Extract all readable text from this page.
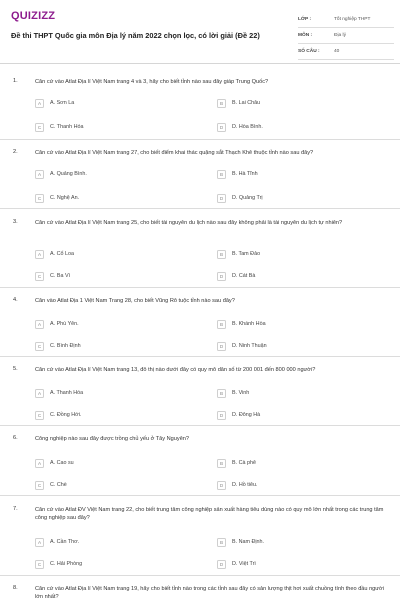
QUIZIZZ
Đề thi THPT Quốc gia môn Địa lý năm 2022 chọn lọc, có lời giải (Đề 22)
LỚP :	Tốt nghiệp THPT
MÔN :	Địa lý
SỐ CÂU :	40
1.	Căn cứ vào Atlat Địa lí Việt Nam trang 4 và 3, hãy cho biết tỉnh nào sau đây giáp Trung Quốc?
A	A. Sơn La	B	B. Lai Châu
C	C. Thanh Hóa	D	D. Hòa Bình.
2.	Căn cứ vào Atlat Địa lí Việt Nam trang 27, cho biết điểm khai thác quặng sắt Thạch Khê thuộc tỉnh nào sau đây?
A	A. Quảng Bình.	B	B. Hà Tĩnh
C	C. Nghệ An.	D	D. Quảng Trị
3.	Căn cứ vào Atlat Địa lí Việt Nam trang 25, cho biết tài nguyên du lịch nào sau đây không phải là tài nguyên du lịch tự nhiên?
A	A. Cổ Loa	B	B. Tam Đảo
C	C. Ba Vì	D	D. Cát Bà
4.	Căn vào Atlat Địa 1 Việt Nam Trang 28, cho biết Vũng Rô tuộc tỉnh nào sau đây?
A	A. Phú Yên.	B	B. Khánh Hòa
C	C. Bình Định	D	D. Ninh Thuận
5.	Căn cứ vào Atlat Địa lí Việt Nam trang 13, đô thị nào dưới đây có quy mô dân số từ 200 001 đến 800 000 người?
A	A. Thanh Hóa	B	B. Vinh
C	C. Đồng Hới.	D	D. Đông Hà
6.	Công nghiệp nào sau đây được trồng chủ yếu ở Tây Nguyên?
A	A. Cao su	B	B. Cà phê
C	C. Chè	D	D. Hồ tiêu.
7.	Căn cứ vào Atlat ĐV Việt Nam trang 22, cho biết trung tâm công nghiệp sản xuất hàng tiêu dùng nào có quy mô lớn nhất trong các trung tâm công nghiệp sau đây?
A	A. Cần Thơ.	B	B. Nam Định.
C	C. Hải Phòng	D	D. Việt Trì
8.	Căn cứ vào Atlat Địa lí Việt Nam trang 19, hãy cho biết tỉnh nào trong các tỉnh sau đây có sản lượng thịt hơi xuất chuồng tính theo đầu người lớn nhất?
